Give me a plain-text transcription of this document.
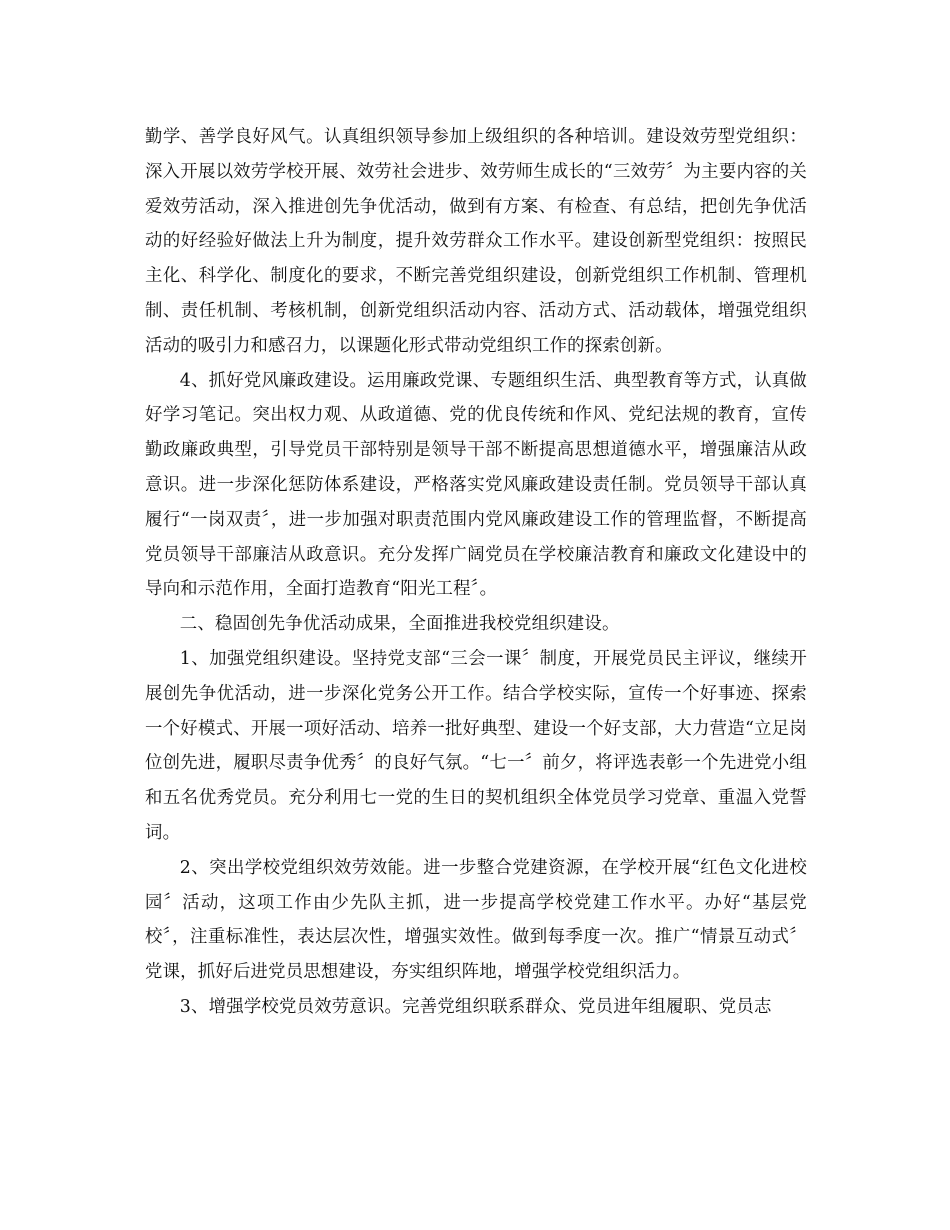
勤学、善学良好风气。认真组织领导参加上级组织的各种培训。建设效劳型党组织：深入开展以效劳学校开展、效劳社会进步、效劳师生成长的“三效劳〞为主要内容的关爱效劳活动，深入推进创先争优活动，做到有方案、有检查、有总结，把创先争优活动的好经验好做法上升为制度，提升效劳群众工作水平。建设创新型党组织：按照民主化、科学化、制度化的要求，不断完善党组织建设，创新党组织工作机制、管理机制、责任机制、考核机制，创新党组织活动内容、活动方式、活动载体，增强党组织活动的吸引力和感召力，以课题化形式带动党组织工作的探索创新。

4、抓好党风廉政建设。运用廉政党课、专题组织生活、典型教育等方式，认真做好学习笔记。突出权力观、从政道德、党的优良传统和作风、党纪法规的教育，宣传勤政廉政典型，引导党员干部特别是领导干部不断提高思想道德水平，增强廉洁从政意识。进一步深化惩防体系建设，严格落实党风廉政建设责任制。党员领导干部认真履行“一岗双责〞，进一步加强对职责范围内党风廉政建设工作的管理监督，不断提高党员领导干部廉洁从政意识。充分发挥广阔党员在学校廉洁教育和廉政文化建设中的导向和示范作用，全面打造教育“阳光工程〞。

二、稳固创先争优活动成果，全面推进我校党组织建设。

1、加强党组织建设。坚持党支部“三会一课〞制度，开展党员民主评议，继续开展创先争优活动，进一步深化党务公开工作。结合学校实际，宣传一个好事迹、探索一个好模式、开展一项好活动、培养一批好典型、建设一个好支部，大力营造“立足岗位创先进，履职尽责争优秀〞的良好气氛。“七一〞前夕，将评选表彰一个先进党小组和五名优秀党员。充分利用七一党的生日的契机组织全体党员学习党章、重温入党誓词。

2、突出学校党组织效劳效能。进一步整合党建资源，在学校开展“红色文化进校园〞活动，这项工作由少先队主抓，进一步提高学校党建工作水平。办好“基层党校〞，注重标准性，表达层次性，增强实效性。做到每季度一次。推广“情景互动式〞党课，抓好后进党员思想建设，夯实组织阵地，增强学校党组织活力。

3、增强学校党员效劳意识。完善党组织联系群众、党员进年组履职、党员志
